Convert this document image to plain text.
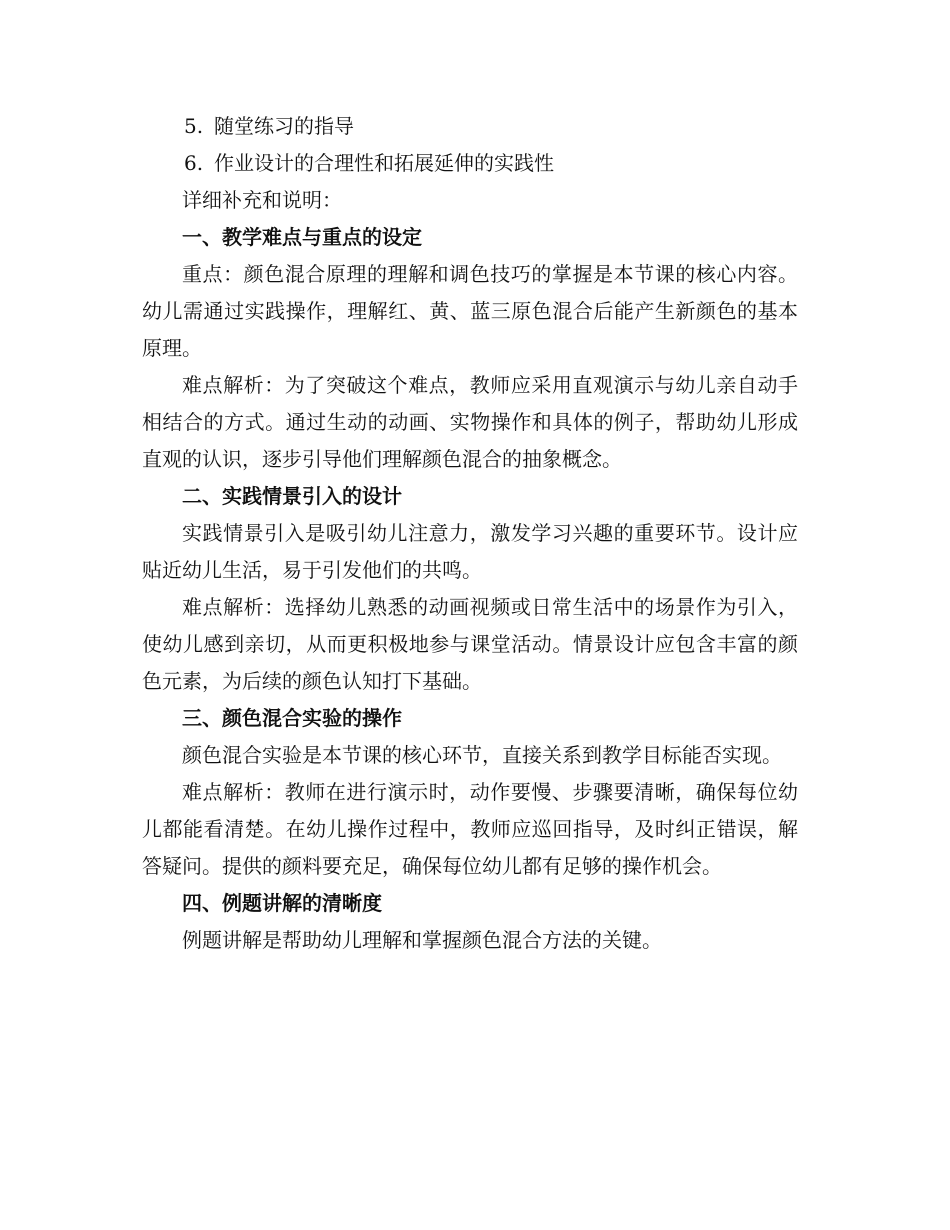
5. 随堂练习的指导

6. 作业设计的合理性和拓展延伸的实践性

详细补充和说明：

一、教学难点与重点的设定

重点：颜色混合原理的理解和调色技巧的掌握是本节课的核心内容。幼儿需通过实践操作，理解红、黄、蓝三原色混合后能产生新颜色的基本原理。

难点解析：为了突破这个难点，教师应采用直观演示与幼儿亲自动手相结合的方式。通过生动的动画、实物操作和具体的例子，帮助幼儿形成直观的认识，逐步引导他们理解颜色混合的抽象概念。

二、实践情景引入的设计

实践情景引入是吸引幼儿注意力，激发学习兴趣的重要环节。设计应贴近幼儿生活，易于引发他们的共鸣。

难点解析：选择幼儿熟悉的动画视频或日常生活中的场景作为引入，使幼儿感到亲切，从而更积极地参与课堂活动。情景设计应包含丰富的颜色元素，为后续的颜色认知打下基础。

三、颜色混合实验的操作

颜色混合实验是本节课的核心环节，直接关系到教学目标能否实现。

难点解析：教师在进行演示时，动作要慢、步骤要清晰，确保每位幼儿都能看清楚。在幼儿操作过程中，教师应巡回指导，及时纠正错误，解答疑问。提供的颜料要充足，确保每位幼儿都有足够的操作机会。

四、例题讲解的清晰度

例题讲解是帮助幼儿理解和掌握颜色混合方法的关键。
